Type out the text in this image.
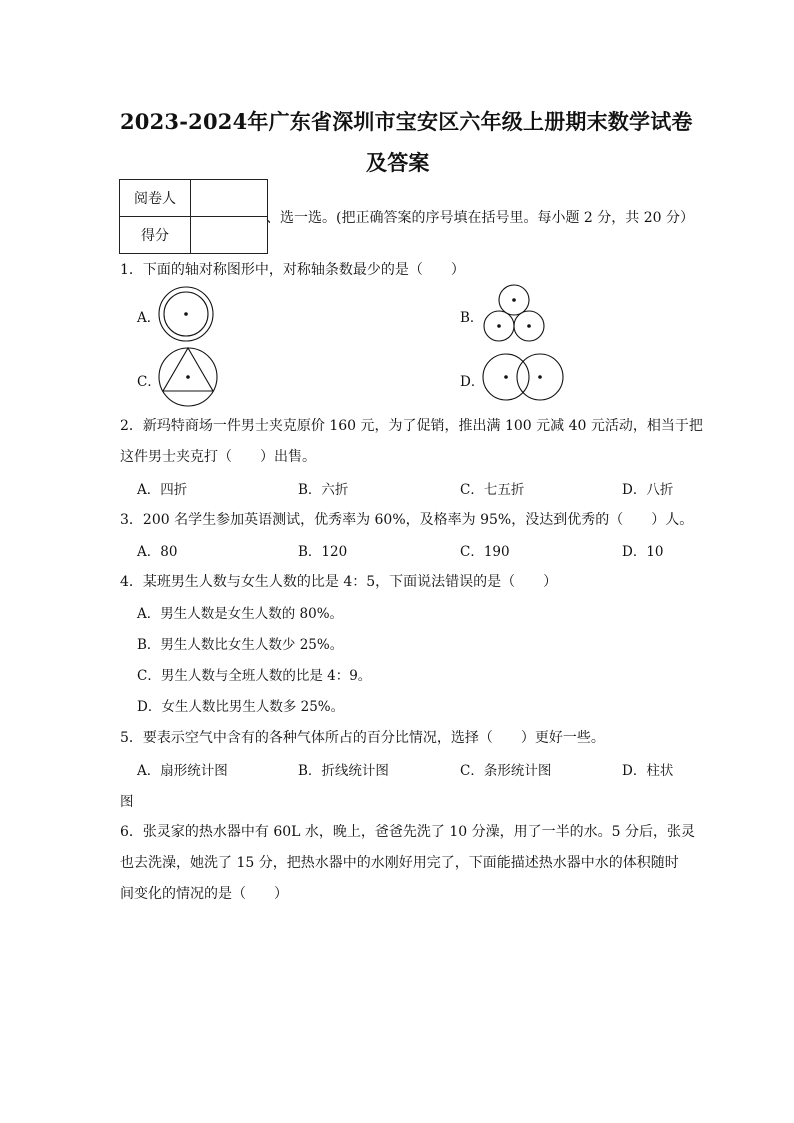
2023-2024年广东省深圳市宝安区六年级上册期末数学试卷
及答案
阅卷人	
得分	
、选一选。(把正确答案的序号填在括号里。每小题 2 分，共 20 分）
1．下面的轴对称图形中，对称轴条数最少的是（　　）
A．	B．
C．	D．
2．新玛特商场一件男士夹克原价 160 元，为了促销，推出满 100 元减 40 元活动，相当于把
这件男士夹克打（　　）出售。
A．四折	B．六折	C．七五折	D．八折
3．200 名学生参加英语测试，优秀率为 60%，及格率为 95%，没达到优秀的（　　）人。
A．80	B．120	C．190	D．10
4．某班男生人数与女生人数的比是 4：5，下面说法错误的是（　　）
A．男生人数是女生人数的 80%。
B．男生人数比女生人数少 25%。
C．男生人数与全班人数的比是 4：9。
D．女生人数比男生人数多 25%。
5．要表示空气中含有的各种气体所占的百分比情况，选择（　　）更好一些。
A．扇形统计图	B．折线统计图	C．条形统计图	D．柱状
图
6．张灵家的热水器中有 60L 水，晚上，爸爸先洗了 10 分澡，用了一半的水。5 分后，张灵
也去洗澡，她洗了 15 分，把热水器中的水刚好用完了，下面能描述热水器中水的体积随时
间变化的情况的是（　　）
